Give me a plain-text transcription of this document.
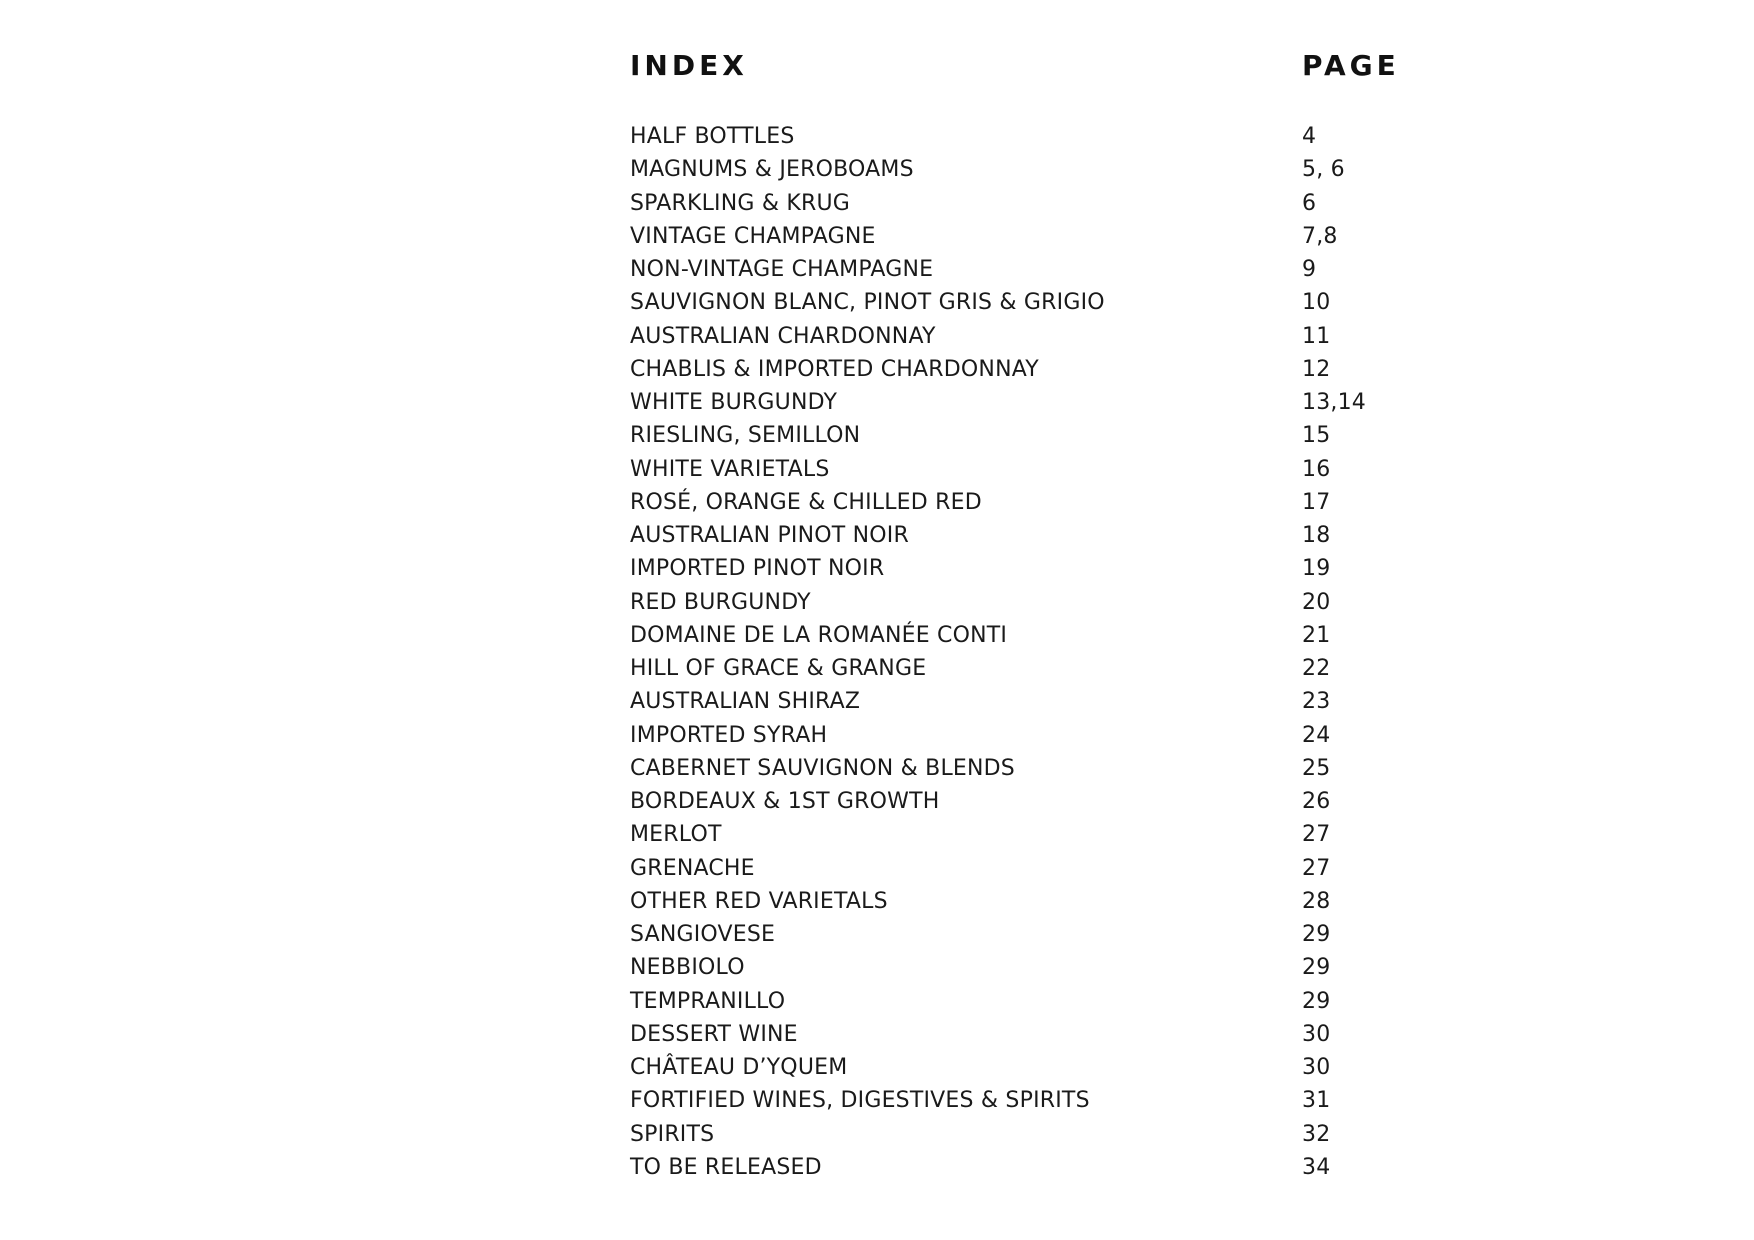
INDEX	PAGE
HALF BOTTLES	4
MAGNUMS & JEROBOAMS	5, 6
SPARKLING & KRUG	6
VINTAGE CHAMPAGNE	7,8
NON-VINTAGE CHAMPAGNE	9
SAUVIGNON BLANC, PINOT GRIS & GRIGIO	10
AUSTRALIAN CHARDONNAY	11
CHABLIS & IMPORTED CHARDONNAY	12
WHITE BURGUNDY	13,14
RIESLING, SEMILLON	15
WHITE VARIETALS	16
ROSÉ, ORANGE & CHILLED RED	17
AUSTRALIAN PINOT NOIR	18
IMPORTED PINOT NOIR	19
RED BURGUNDY	20
DOMAINE DE LA ROMANÉE CONTI	21
HILL OF GRACE & GRANGE	22
AUSTRALIAN SHIRAZ	23
IMPORTED SYRAH	24
CABERNET SAUVIGNON & BLENDS	25
BORDEAUX & 1ST GROWTH	26
MERLOT	27
GRENACHE	27
OTHER RED VARIETALS	28
SANGIOVESE	29
NEBBIOLO	29
TEMPRANILLO	29
DESSERT WINE	30
CHÂTEAU D’YQUEM	30
FORTIFIED WINES, DIGESTIVES & SPIRITS	31
SPIRITS	32
TO BE RELEASED	34
